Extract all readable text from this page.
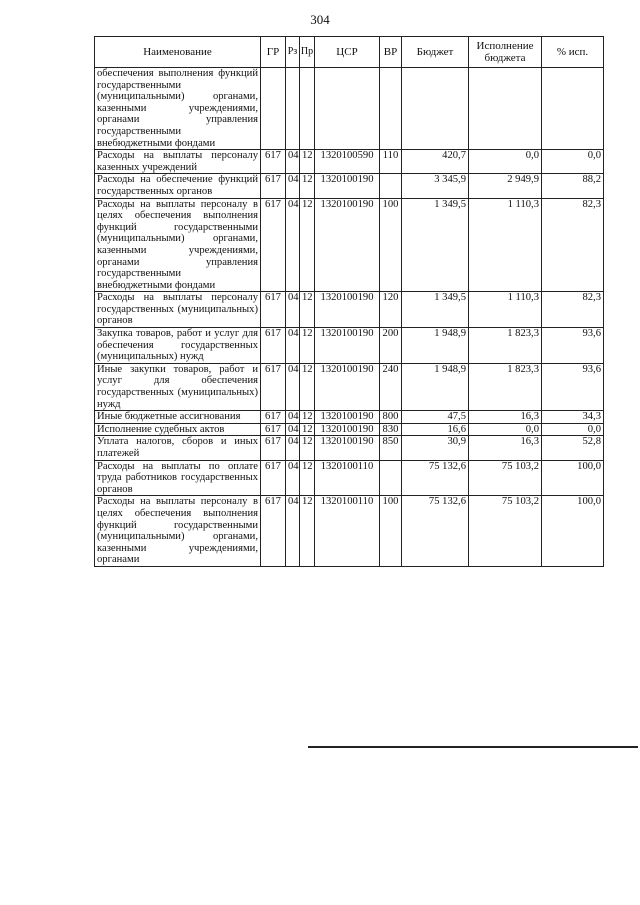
304
Наименование	ГР	Рз	Пр	ЦСР	ВР	Бюджет	Исполнение бюджета	% исп.
обеспечения выполнения функций государственными (муниципальными) органами, казенными учреждениями, органами управления государственными внебюджетными фондами								
Расходы на выплаты персоналу казенных учреждений	617	04	12	1320100590	110	420,7	0,0	0,0
Расходы на обеспечение функций государственных органов	617	04	12	1320100190		3 345,9	2 949,9	88,2
Расходы на выплаты персоналу в целях обеспечения выполнения функций государственными (муниципальными) органами, казенными учреждениями, органами управления государственными внебюджетными фондами	617	04	12	1320100190	100	1 349,5	1 110,3	82,3
Расходы на выплаты персоналу государственных (муниципальных) органов	617	04	12	1320100190	120	1 349,5	1 110,3	82,3
Закупка товаров, работ и услуг для обеспечения государственных (муниципальных) нужд	617	04	12	1320100190	200	1 948,9	1 823,3	93,6
Иные закупки товаров, работ и услуг для обеспечения государственных (муниципальных) нужд	617	04	12	1320100190	240	1 948,9	1 823,3	93,6
Иные бюджетные ассигнования	617	04	12	1320100190	800	47,5	16,3	34,3
Исполнение судебных актов	617	04	12	1320100190	830	16,6	0,0	0,0
Уплата налогов, сборов и иных платежей	617	04	12	1320100190	850	30,9	16,3	52,8
Расходы на выплаты по оплате труда работников государственных органов	617	04	12	1320100110		75 132,6	75 103,2	100,0
Расходы на выплаты персоналу в целях обеспечения выполнения функций государственными (муниципальными) органами, казенными учреждениями, органами	617	04	12	1320100110	100	75 132,6	75 103,2	100,0
